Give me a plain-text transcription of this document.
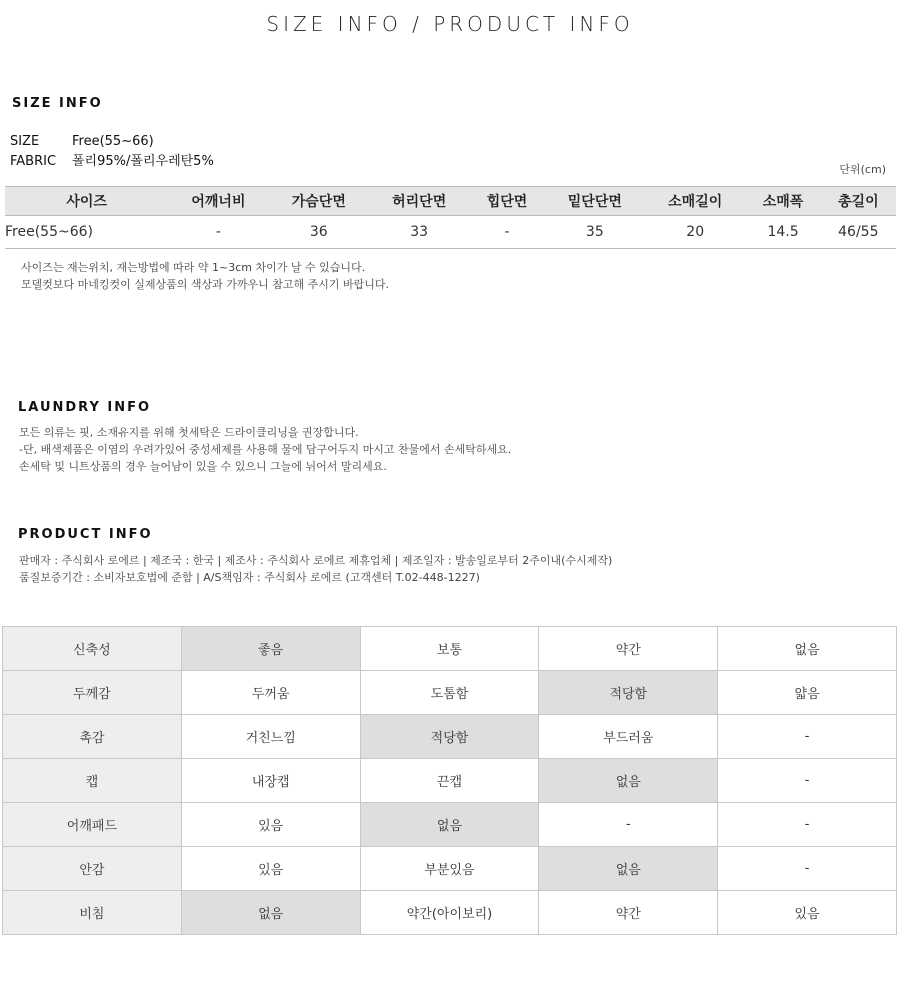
SIZE INFO / PRODUCT INFO
SIZE INFO
SIZE	Free(55~66)
FABRIC 폴리95%/폴리우레탄5%
단위(cm)
사이즈	어깨너비	가슴단면	허리단면	힙단면	밑단단면	소매길이	소매폭	총길이
Free(55~66)	-	36	33	-	35	20	14.5	46/55
사이즈는 재는위치, 재는방법에 따라 약 1~3cm 차이가 날 수 있습니다.
모델컷보다 마네킹컷이 실제상품의 색상과 가까우니 참고해 주시기 바랍니다.
LAUNDRY INFO
모든 의류는 핏, 소재유지를 위해 첫세탁은 드라이클리닝을 권장합니다.
-단, 배색제품은 이염의 우려가있어 중성세제를 사용해 물에 담구어두지 마시고 찬물에서 손세탁하세요.
손세탁 및 니트상품의 경우 늘어남이 있을 수 있으니 그늘에 뉘어서 말리세요.
PRODUCT INFO
판매자 : 주식회사 로에르 | 제조국 : 한국 | 제조사 : 주식회사 로에르 제휴업체 | 제조일자 : 발송일로부터 2주이내(수시제작)
품질보증기간 : 소비자보호법에 준함 | A/S책임자 : 주식회사 로에르 (고객센터 T.02-448-1227)
신축성	좋음	보통	약간	없음
두께감	두꺼움	도톰함	적당함	얇음
촉감	거친느낌	적당함	부드러움	-
캡	내장캡	끈캡	없음	-
어깨패드	있음	없음	-	-
안감	있음	부분있음	없음	-
비침	없음	약간(아이보리)	약간	있음
